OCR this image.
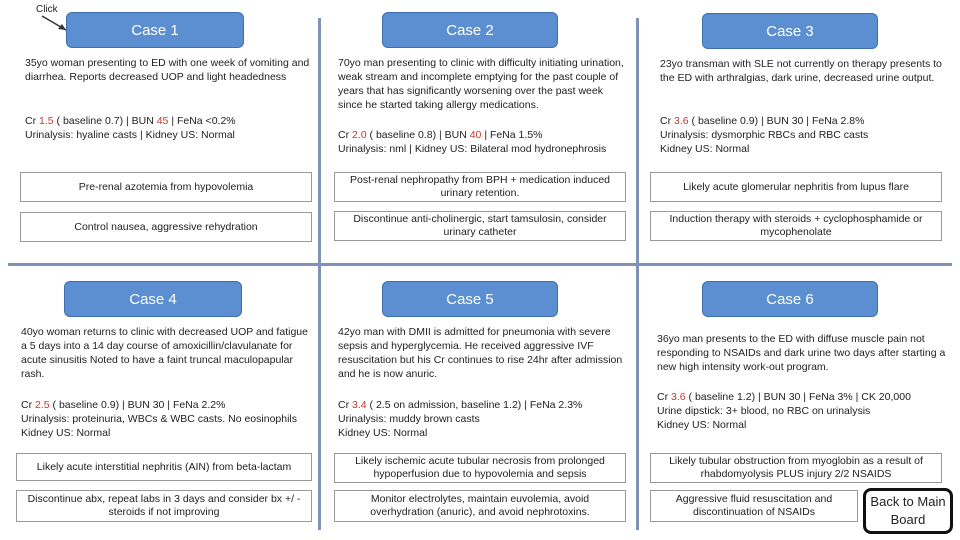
Click
Case 1
35yo woman presenting to ED with one week of vomiting and diarrhea. Reports decreased UOP and light headedness
Cr 1.5 ( baseline 0.7) | BUN 45 | FeNa <0.2%
Urinalysis: hyaline casts | Kidney US: Normal
Pre-renal azotemia from hypovolemia
Control nausea, aggressive rehydration
Case 2
70yo man presenting to clinic with difficulty initiating urination, weak stream and incomplete emptying for the past couple of years that has significantly worsening over the past week since he started taking allergy medications.
Cr 2.0 ( baseline 0.8) | BUN 40 | FeNa 1.5%
Urinalysis: nml | Kidney US: Bilateral mod hydronephrosis
Post-renal nephropathy from BPH + medication induced urinary retention.
Discontinue anti-cholinergic, start tamsulosin, consider urinary catheter
Case 3
23yo transman with SLE not currently on therapy presents to the ED with arthralgias, dark urine, decreased urine output.
Cr 3.6 ( baseline 0.9) | BUN 30 | FeNa 2.8%
Urinalysis: dysmorphic RBCs and RBC casts
Kidney US: Normal
Likely acute glomerular nephritis from lupus flare
Induction therapy with steroids + cyclophosphamide or mycophenolate
Case 4
40yo woman returns to clinic with decreased UOP and fatigue a 5 days into a 14 day course of amoxicillin/clavulanate for acute sinusitis Noted to have a faint truncal maculopapular rash.
Cr 2.5 ( baseline 0.9) | BUN 30 | FeNa 2.2%
Urinalysis: proteinuria, WBCs & WBC casts. No eosinophils
Kidney US: Normal
Likely acute interstitial nephritis (AIN) from beta-lactam
Discontinue abx, repeat labs in 3 days and consider bx +/ - steroids if not improving
Case 5
42yo man with DMII is admitted for pneumonia with severe sepsis and hyperglycemia. He received aggressive IVF resuscitation but his Cr continues to rise 24hr after admission and he is now anuric.
Cr 3.4 ( 2.5 on admission, baseline 1.2) | FeNa 2.3%
Urinalysis: muddy brown casts
Kidney US: Normal
Likely ischemic acute tubular necrosis from prolonged hypoperfusion due to hypovolemia and sepsis
Monitor electrolytes, maintain euvolemia, avoid overhydration (anuric), and avoid nephrotoxins.
Case 6
36yo man presents to the ED with diffuse muscle pain not responding to NSAIDs and dark urine two days after starting a new high intensity work-out program.
Cr 3.6 ( baseline 1.2) | BUN 30 | FeNa 3% | CK 20,000
Urine dipstick: 3+ blood, no RBC on urinalysis
Kidney US: Normal
Likely tubular obstruction from myoglobin as a result of rhabdomyolysis PLUS injury 2/2 NSAIDS
Aggressive fluid resuscitation and discontinuation of NSAIDs
Back to Main Board
